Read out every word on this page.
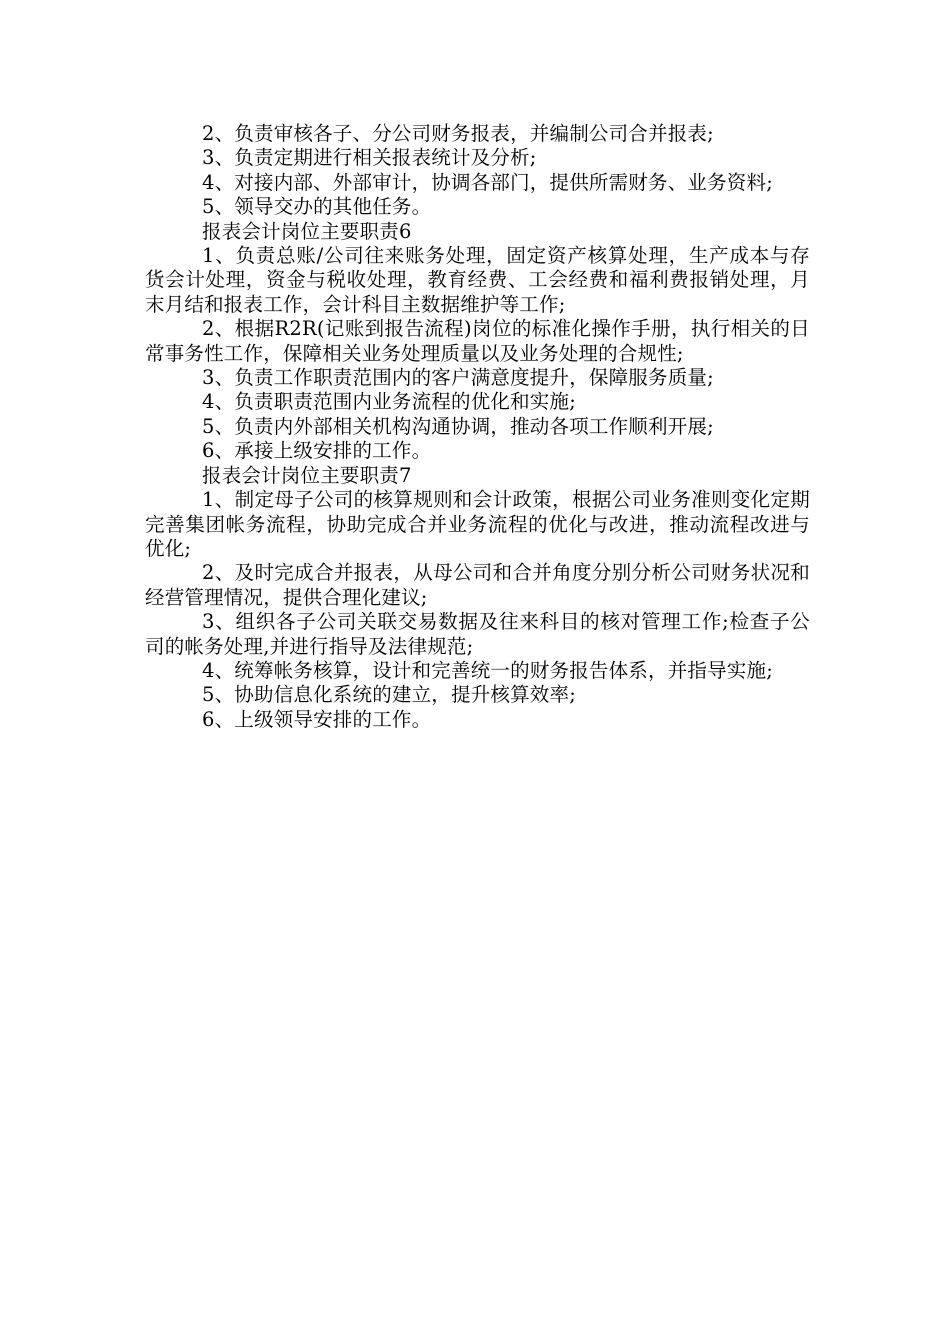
2、负责审核各子、分公司财务报表，并编制公司合并报表;

3、负责定期进行相关报表统计及分析;

4、对接内部、外部审计，协调各部门，提供所需财务、业务资料;

5、领导交办的其他任务。

报表会计岗位主要职责6

1、负责总账/公司往来账务处理，固定资产核算处理，生产成本与存货会计处理，资金与税收处理，教育经费、工会经费和福利费报销处理，月末月结和报表工作，会计科目主数据维护等工作;

2、根据R2R(记账到报告流程)岗位的标准化操作手册，执行相关的日常事务性工作，保障相关业务处理质量以及业务处理的合规性;

3、负责工作职责范围内的客户满意度提升，保障服务质量;

4、负责职责范围内业务流程的优化和实施;

5、负责内外部相关机构沟通协调，推动各项工作顺利开展;

6、承接上级安排的工作。

报表会计岗位主要职责7

1、制定母子公司的核算规则和会计政策，根据公司业务准则变化定期完善集团帐务流程，协助完成合并业务流程的优化与改进，推动流程改进与优化;

2、及时完成合并报表，从母公司和合并角度分别分析公司财务状况和经营管理情况，提供合理化建议;

3、组织各子公司关联交易数据及往来科目的核对管理工作;检查子公司的帐务处理,并进行指导及法律规范;

4、统筹帐务核算，设计和完善统一的财务报告体系，并指导实施;

5、协助信息化系统的建立，提升核算效率;

6、上级领导安排的工作。
